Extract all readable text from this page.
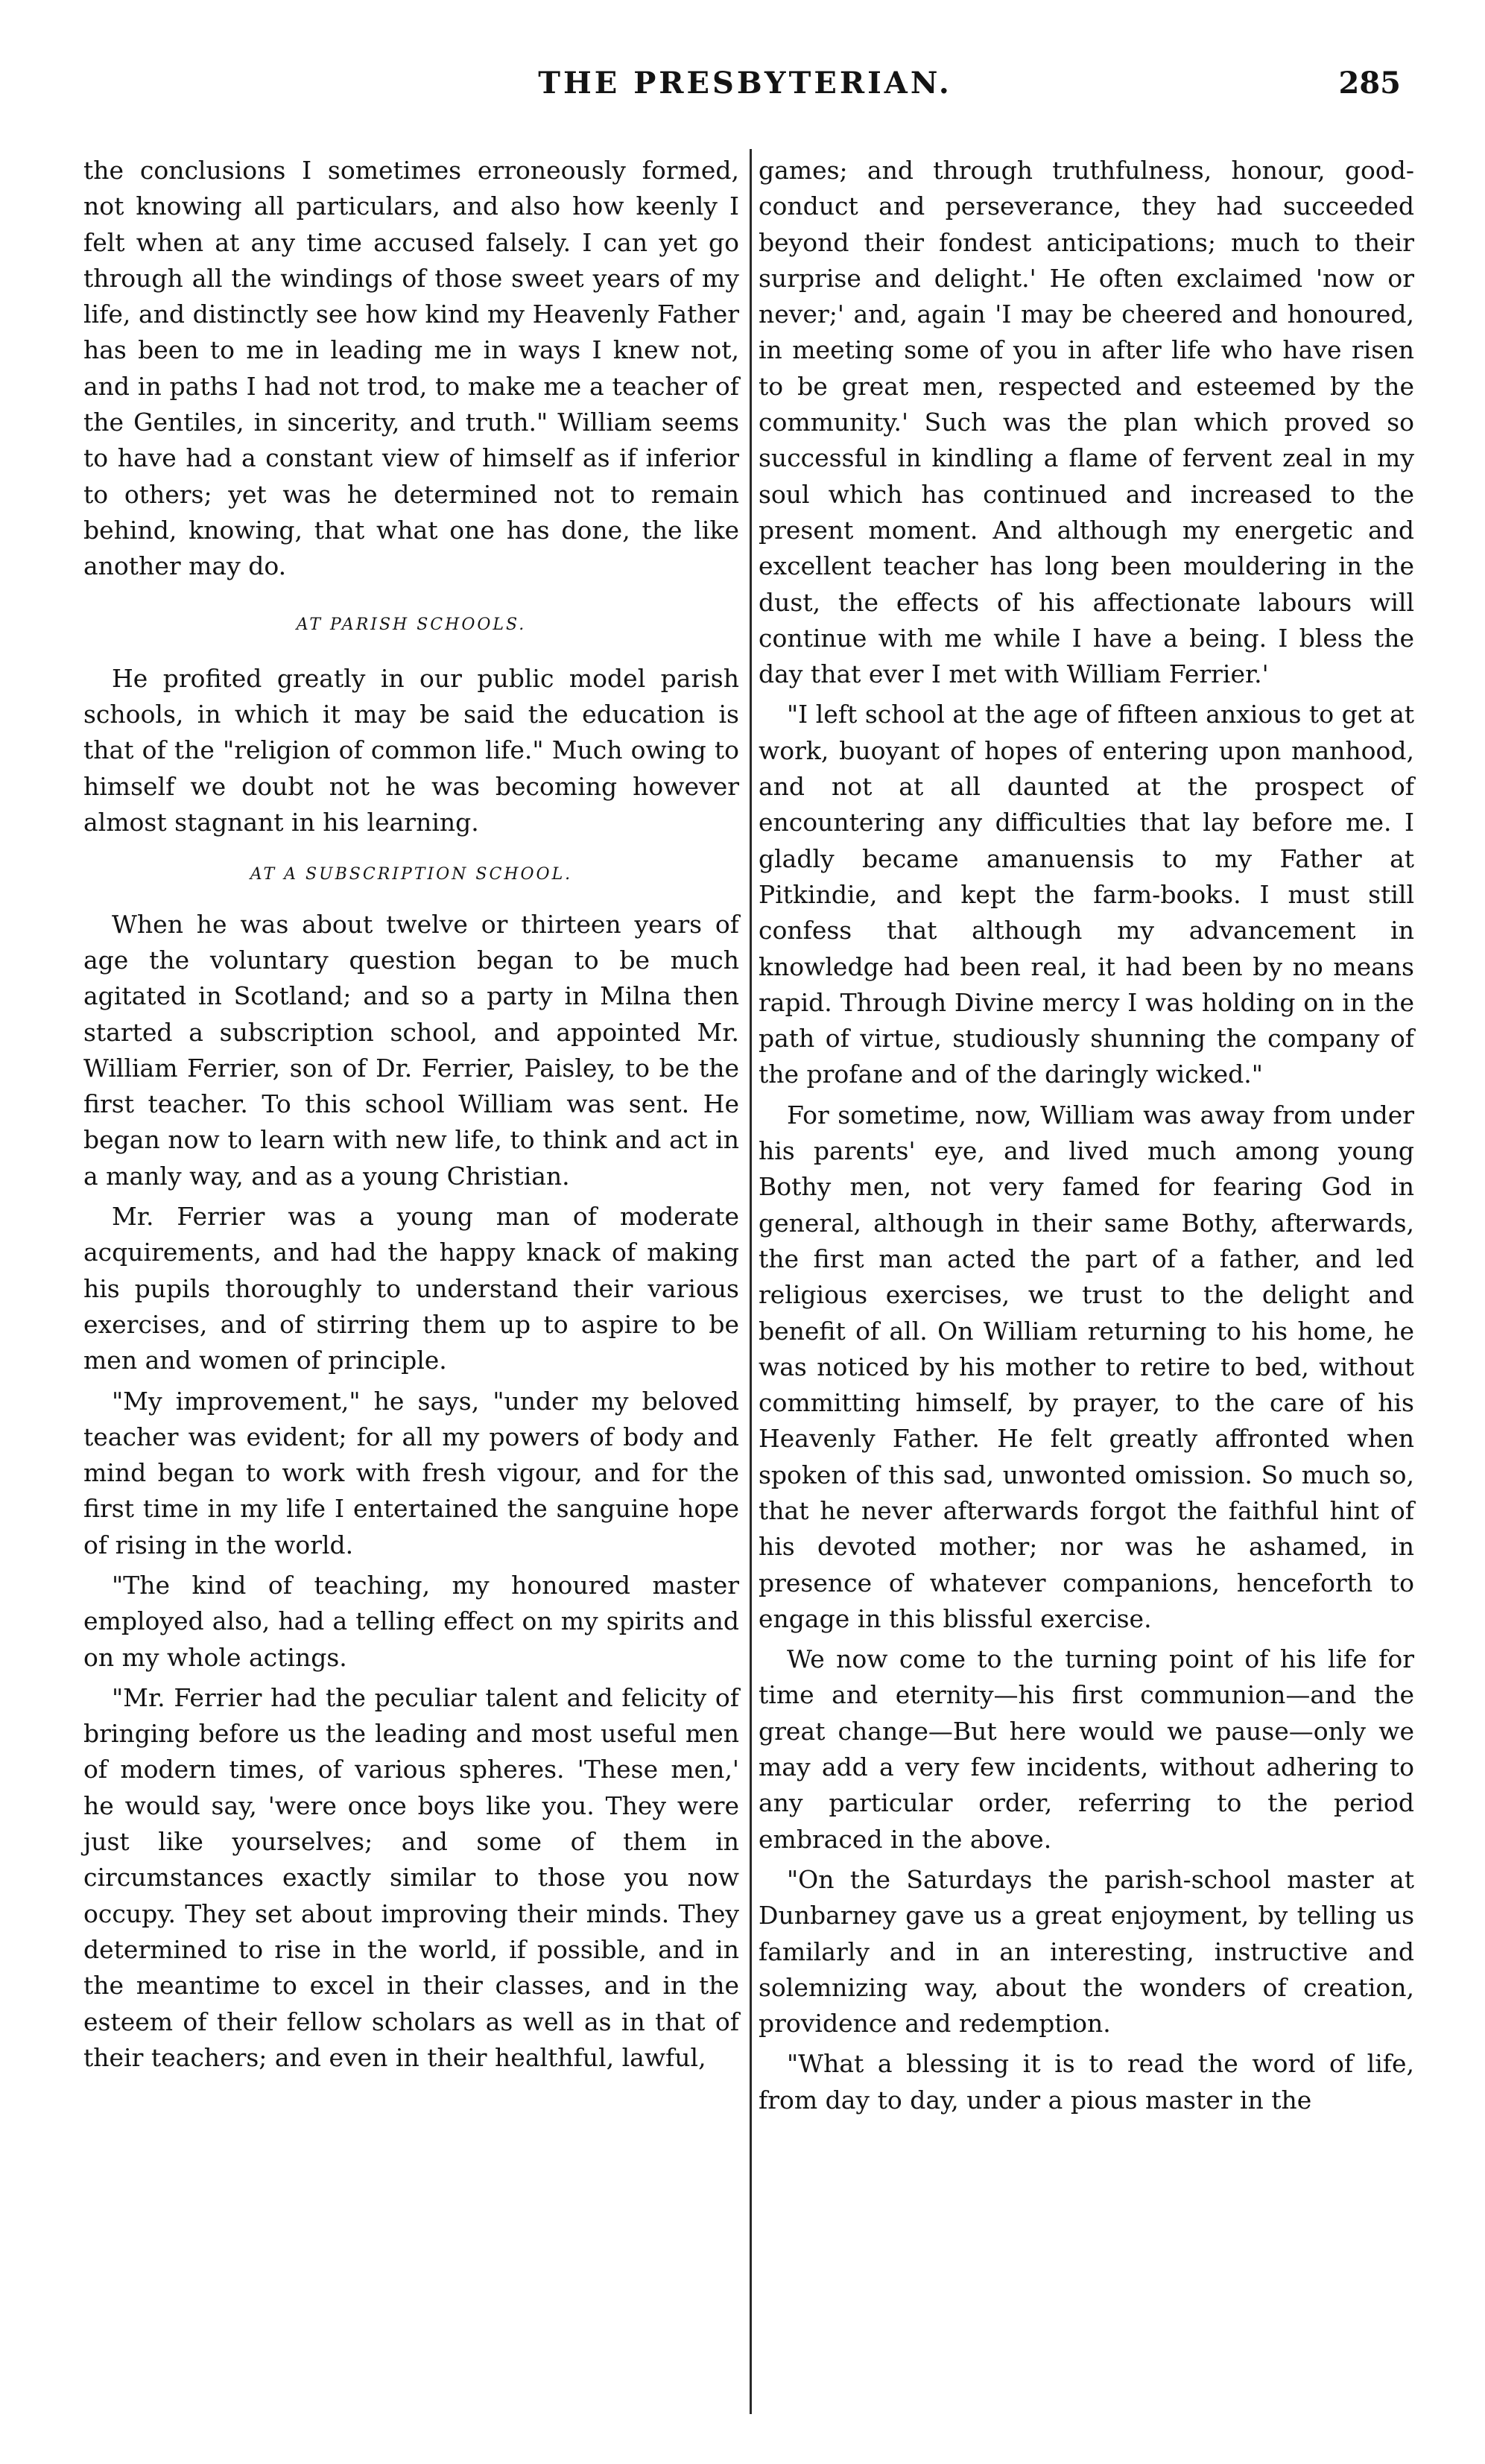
THE PRESBYTERIAN.	285

the conclusions I sometimes erroneously formed, not knowing all particulars, and also how keenly I felt when at any time accused falsely. I can yet go through all the windings of those sweet years of my life, and distinctly see how kind my Heavenly Father has been to me in leading me in ways I knew not, and in paths I had not trod, to make me a teacher of the Gentiles, in sincerity, and truth." William seems to have had a constant view of himself as if inferior to others; yet was he determined not to remain behind, knowing, that what one has done, the like another may do.

AT PARISH SCHOOLS.

He profited greatly in our public model parish schools, in which it may be said the education is that of the "religion of common life." Much owing to himself we doubt not he was becoming however almost stagnant in his learning.

AT A SUBSCRIPTION SCHOOL.

When he was about twelve or thirteen years of age the voluntary question began to be much agitated in Scotland; and so a party in Milna then started a subscription school, and appointed Mr. William Ferrier, son of Dr. Ferrier, Paisley, to be the first teacher. To this school William was sent. He began now to learn with new life, to think and act in a manly way, and as a young Christian.

Mr. Ferrier was a young man of moderate acquirements, and had the happy knack of making his pupils thoroughly to understand their various exercises, and of stirring them up to aspire to be men and women of principle.

"My improvement," he says, "under my beloved teacher was evident; for all my powers of body and mind began to work with fresh vigour, and for the first time in my life I entertained the sanguine hope of rising in the world.

"The kind of teaching, my honoured master employed also, had a telling effect on my spirits and on my whole actings.

"Mr. Ferrier had the peculiar talent and felicity of bringing before us the leading and most useful men of modern times, of various spheres. 'These men,' he would say, 'were once boys like you. They were just like yourselves; and some of them in circumstances exactly similar to those you now occupy. They set about improving their minds. They determined to rise in the world, if possible, and in the meantime to excel in their classes, and in the esteem of their fellow scholars as well as in that of their teachers; and even in their healthful, lawful,

games; and through truthfulness, honour, good-conduct and perseverance, they had succeeded beyond their fondest anticipations; much to their surprise and delight.' He often exclaimed 'now or never;' and, again 'I may be cheered and honoured, in meeting some of you in after life who have risen to be great men, respected and esteemed by the community.' Such was the plan which proved so successful in kindling a flame of fervent zeal in my soul which has continued and increased to the present moment. And although my energetic and excellent teacher has long been mouldering in the dust, the effects of his affectionate labours will continue with me while I have a being. I bless the day that ever I met with William Ferrier.'

"I left school at the age of fifteen anxious to get at work, buoyant of hopes of entering upon manhood, and not at all daunted at the prospect of encountering any difficulties that lay before me. I gladly became amanuensis to my Father at Pitkindie, and kept the farm-books. I must still confess that although my advancement in knowledge had been real, it had been by no means rapid. Through Divine mercy I was holding on in the path of virtue, studiously shunning the company of the profane and of the daringly wicked."

For sometime, now, William was away from under his parents' eye, and lived much among young Bothy men, not very famed for fearing God in general, although in their same Bothy, afterwards, the first man acted the part of a father, and led religious exercises, we trust to the delight and benefit of all. On William returning to his home, he was noticed by his mother to retire to bed, without committing himself, by prayer, to the care of his Heavenly Father. He felt greatly affronted when spoken of this sad, unwonted omission. So much so, that he never afterwards forgot the faithful hint of his devoted mother; nor was he ashamed, in presence of whatever companions, henceforth to engage in this blissful exercise.

We now come to the turning point of his life for time and eternity—his first communion—and the great change—But here would we pause—only we may add a very few incidents, without adhering to any particular order, referring to the period embraced in the above.

"On the Saturdays the parish-school master at Dunbarney gave us a great enjoyment, by telling us familarly and in an interesting, instructive and solemnizing way, about the wonders of creation, providence and redemption.

"What a blessing it is to read the word of life, from day to day, under a pious master in the
